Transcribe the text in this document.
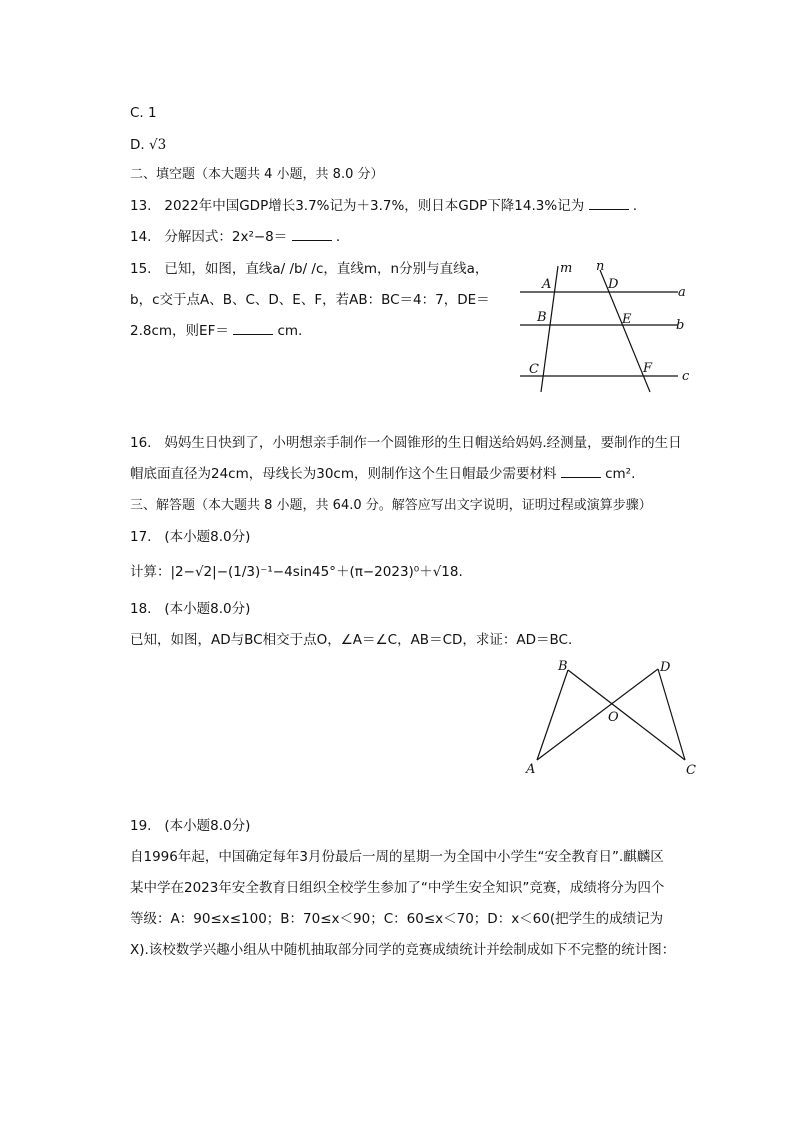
C. 1
D. √3
二、填空题（本大题共 4 小题，共 8.0 分）
13. 2022年中国GDP增长3.7%记为＋3.7%，则日本GDP下降14.3%记为	.
14. 分解因式：2x²−8＝	.
15. 已知，如图，直线a/ /b/ /c，直线m，n分别与直线a，
b，c交于点A、B、C、D、E、F，若AB：BC＝4：7，DE＝
2.8cm，则EF＝	cm.
m n
A	D
a
B	E	b
C	F
c
16. 妈妈生日快到了，小明想亲手制作一个圆锥形的生日帽送给妈妈.经测量，要制作的生日
帽底面直径为24cm，母线长为30cm，则制作这个生日帽最少需要材料	cm².
三、解答题（本大题共 8 小题，共 64.0 分。解答应写出文字说明，证明过程或演算步骤）
17. (本小题8.0分)
计算：|2−√2|−(1/3)⁻¹−4sin45°＋(π−2023)⁰＋√18.
18. (本小题8.0分)
已知，如图，AD与BC相交于点O，∠A＝∠C，AB＝CD，求证：AD＝BC.
B	D
O
A	C
19. (本小题8.0分)
自1996年起，中国确定每年3月份最后一周的星期一为全国中小学生“安全教育日”.麒麟区
某中学在2023年安全教育日组织全校学生参加了“中学生安全知识”竞赛，成绩将分为四个
等级：A：90≤x≤100；B：70≤x＜90；C：60≤x＜70；D：x＜60(把学生的成绩记为
X).该校数学兴趣小组从中随机抽取部分同学的竞赛成绩统计并绘制成如下不完整的统计图：
